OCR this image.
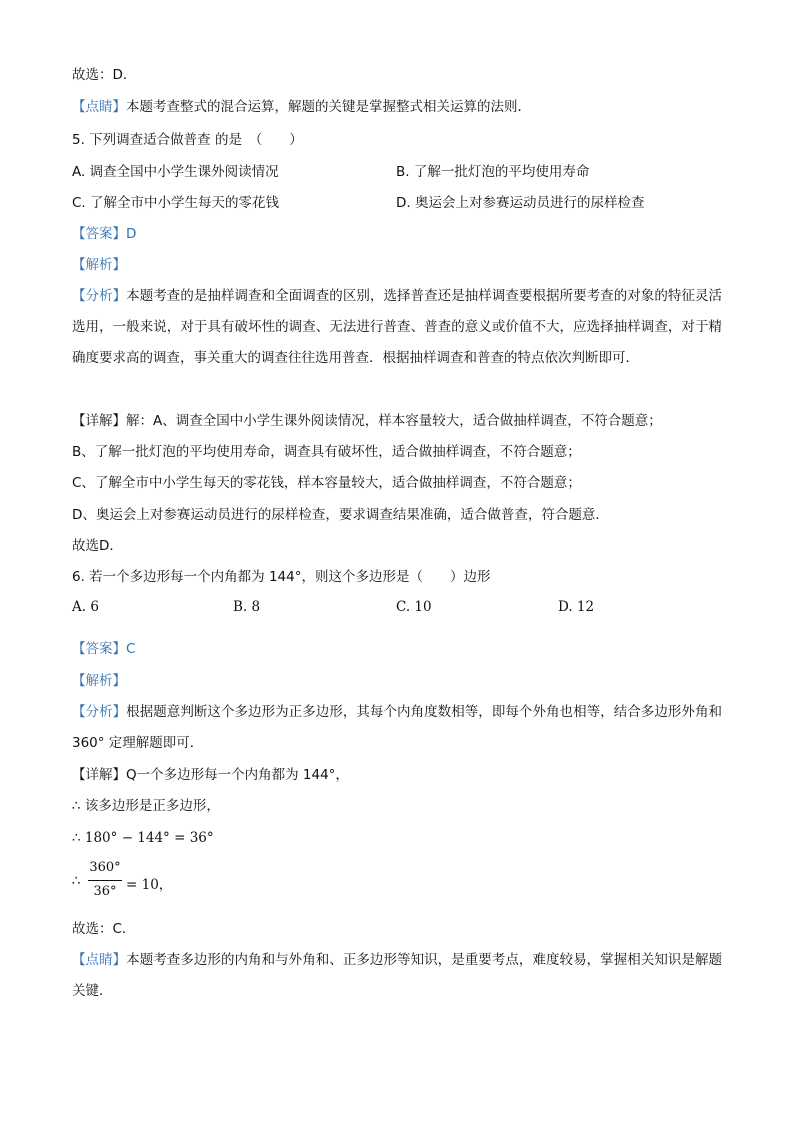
故选：D．
【点睛】本题考查整式的混合运算，解题的关键是掌握整式相关运算的法则．
5. 下列调查适合做普查 的是　（　　）
A. 调查全国中小学生课外阅读情况	B. 了解一批灯泡的平均使用寿命
C. 了解全市中小学生每天的零花钱	D. 奥运会上对参赛运动员进行的尿样检查
【答案】D
【解析】
【分析】本题考查的是抽样调查和全面调查的区别，选择普查还是抽样调查要根据所要考查的对象的特征灵活选用，一般来说，对于具有破坏性的调查、无法进行普查、普查的意义或价值不大，应选择抽样调查，对于精确度要求高的调查，事关重大的调查往往选用普查．根据抽样调查和普查的特点依次判断即可．
【详解】解：A、调查全国中小学生课外阅读情况，样本容量较大，适合做抽样调查，不符合题意；
B、了解一批灯泡的平均使用寿命，调查具有破坏性，适合做抽样调查，不符合题意；
C、了解全市中小学生每天的零花钱，样本容量较大，适合做抽样调查，不符合题意；
D、奥运会上对参赛运动员进行的尿样检查，要求调查结果准确，适合做普查，符合题意．
故选D．
6. 若一个多边形每一个内角都为 144°，则这个多边形是（　　）边形
A. 6	B. 8	C. 10	D. 12
【答案】C
【解析】
【分析】根据题意判断这个多边形为正多边形，其每个内角度数相等，即每个外角也相等，结合多边形外角和 360° 定理解题即可．
【详解】Q一个多边形每一个内角都为 144°，
∴ 该多边形是正多边形，
∴ 180° − 144° = 36°
∴
360°
36° = 10，
故选：C．
【点睛】本题考查多边形的内角和与外角和、正多边形等知识，是重要考点，难度较易，掌握相关知识是解题关键．
